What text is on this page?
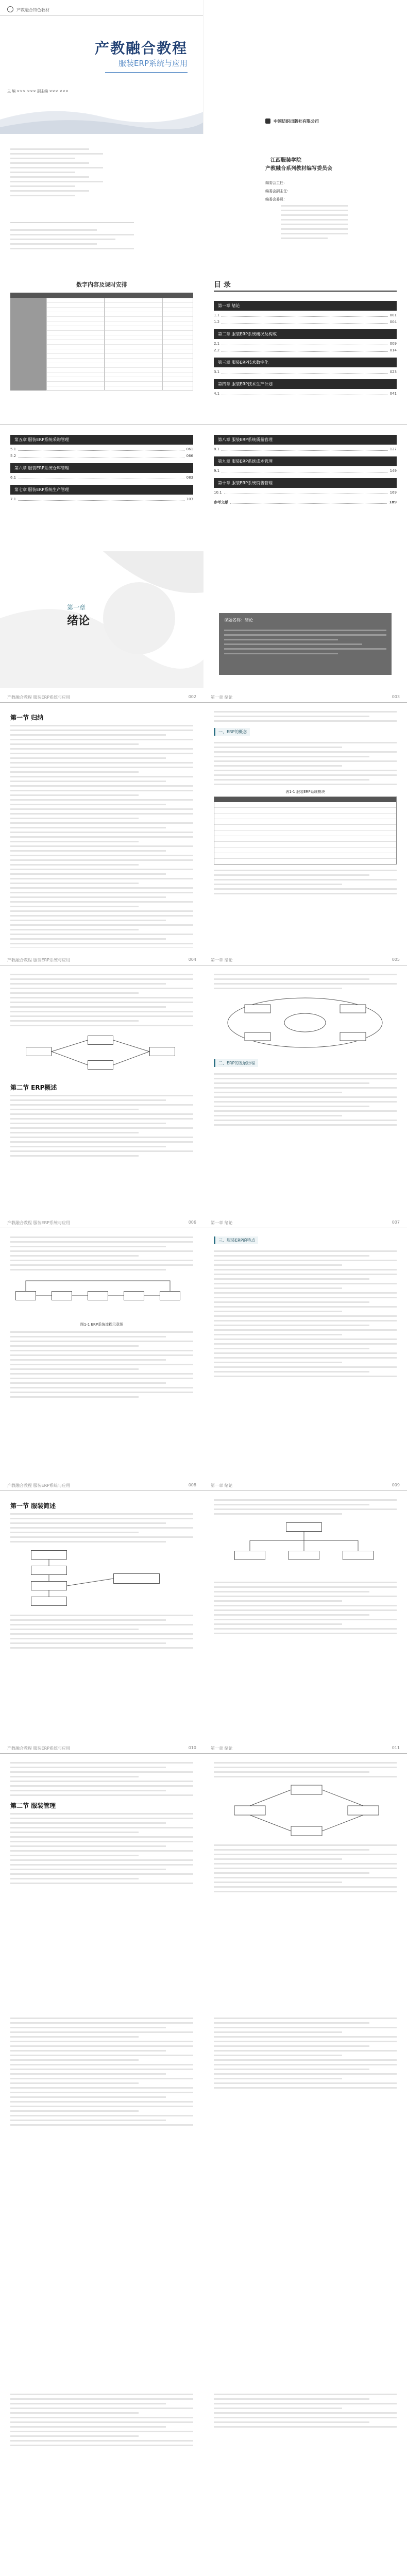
产教融合特色教材
产教融合教程
服装ERP系统与应用
主 编 ××× ××× 副主编 ××× ×××
中国纺织出版社有限公司
江西服装学院
产教融合系列教材编写委员会
编委会主任：
编委会副主任：
编委会委员：
数字内容及课时安排	目 录
第一章 绪论
1.1	001
1.2	004
第二章 服装ERP系统概况及构成
2.1	009
2.2	014
第三章 服装ERP技术数字化
3.1	023
第四章 服装ERP技术生产计划
4.1	041
第五章 服装ERP系统采购管理
5.1	061
5.2	066
第六章 服装ERP系统仓库管理
6.1	083
第七章 服装ERP系统生产管理
7.1	103
第八章 服装ERP系统质量管理
8.1	127
第九章 服装ERP系统成本管理
9.1	149
第十章 服装ERP系统销售管理
10.1	169
参考文献	189
第一章
绪论	课题名称：绪论
产教融合教程 服装ERP系统与应用	002
第一节 归纳
第一章 绪论	003
一、ERP的概念
表1-1 服装ERP系统模块
产教融合教程 服装ERP系统与应用	004
第二节 ERP概述
第一章 绪论	005
二、ERP的发展历程
产教融合教程 服装ERP系统与应用	006
图1-1 ERP系统流程示意图
第一章 绪论	007
三、服装ERP的特点
产教融合教程 服装ERP系统与应用	008
第一节 服装简述
第一章 绪论	009
产教融合教程 服装ERP系统与应用	010
第二节 服装管理
第一章 绪论	011
